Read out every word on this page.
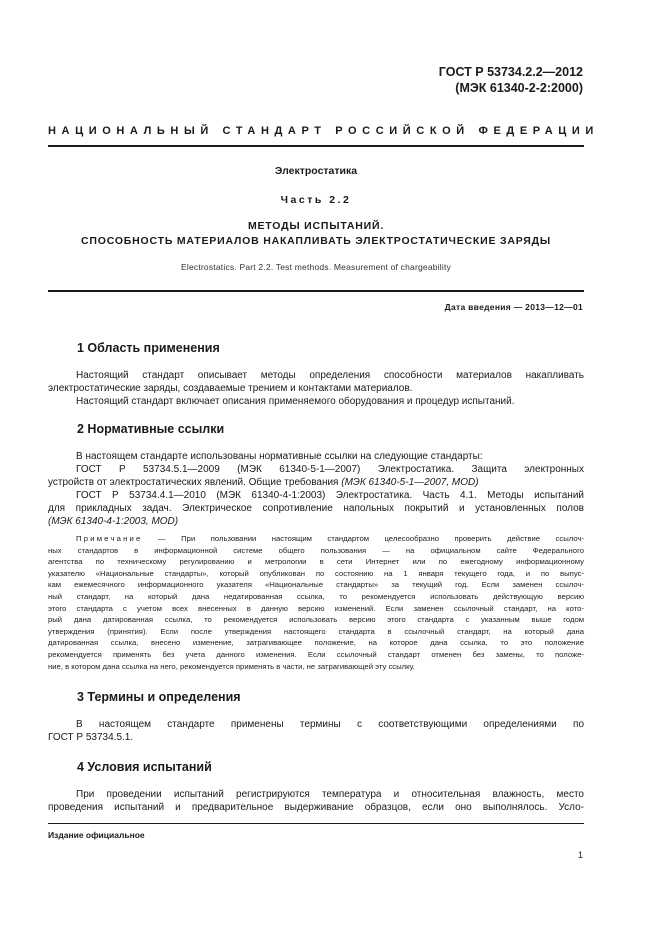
ГОСТ Р 53734.2.2—2012
(МЭК 61340-2-2:2000)
НАЦИОНАЛЬНЫЙ СТАНДАРТ РОССИЙСКОЙ ФЕДЕРАЦИИ
Электростатика
Часть 2.2
МЕТОДЫ ИСПЫТАНИЙ.
СПОСОБНОСТЬ МАТЕРИАЛОВ НАКАПЛИВАТЬ ЭЛЕКТРОСТАТИЧЕСКИЕ ЗАРЯДЫ
Electrostatics. Part 2.2. Test methods. Measurement of chargeability
Дата введения — 2013—12—01
1 Область применения
Настоящий стандарт описывает методы определения способности материалов накапливать
электростатические заряды, создаваемые трением и контактами материалов.
Настоящий стандарт включает описания применяемого оборудования и процедур испытаний.
2 Нормативные ссылки
В настоящем стандарте использованы нормативные ссылки на следующие стандарты:
ГОСТ Р 53734.5.1—2009 (МЭК 61340-5-1—2007) Электростатика. Защита электронных
устройств от электростатических явлений. Общие требования (МЭК 61340-5-1—2007, MOD)
ГОСТ Р 53734.4.1—2010 (МЭК 61340-4-1:2003) Электростатика. Часть 4.1. Методы испытаний
для прикладных задач. Электрическое сопротивление напольных покрытий и установленных полов
(МЭК 61340-4-1:2003, MOD)
Примечание — При пользовании настоящим стандартом целесообразно проверить действие ссылоч-
ных стандартов в информационной системе общего пользования — на официальном сайте Федерального
агентства по техническому регулированию и метрологии в сети Интернет или по ежегодному информационному
указателю «Национальные стандарты», который опубликован по состоянию на 1 января текущего года, и по выпус-
кам ежемесячного информационного указателя «Национальные стандарты» за текущий год. Если заменен ссылоч-
ный стандарт, на который дана недатированная ссылка, то рекомендуется использовать действующую версию
этого стандарта с учетом всех внесенных в данную версию изменений. Если заменен ссылочный стандарт, на кото-
рый дана датированная ссылка, то рекомендуется использовать версию этого стандарта с указанным выше годом
утверждения (принятия). Если после утверждения настоящего стандарта в ссылочный стандарт, на который дана
датированная ссылка, внесено изменение, затрагивающее положение, на которое дана ссылка, то это положение
рекомендуется применять без учета данного изменения. Если ссылочный стандарт отменен без замены, то положе-
ние, в котором дана ссылка на него, рекомендуется применять в части, не затрагивающей эту ссылку.
3 Термины и определения
В настоящем стандарте применены термины с соответствующими определениями по
ГОСТ Р 53734.5.1.
4 Условия испытаний
При проведении испытаний регистрируются температура и относительная влажность, место
проведения испытаний и предварительное выдерживание образцов, если оно выполнялось. Усло-
Издание официальное
1
